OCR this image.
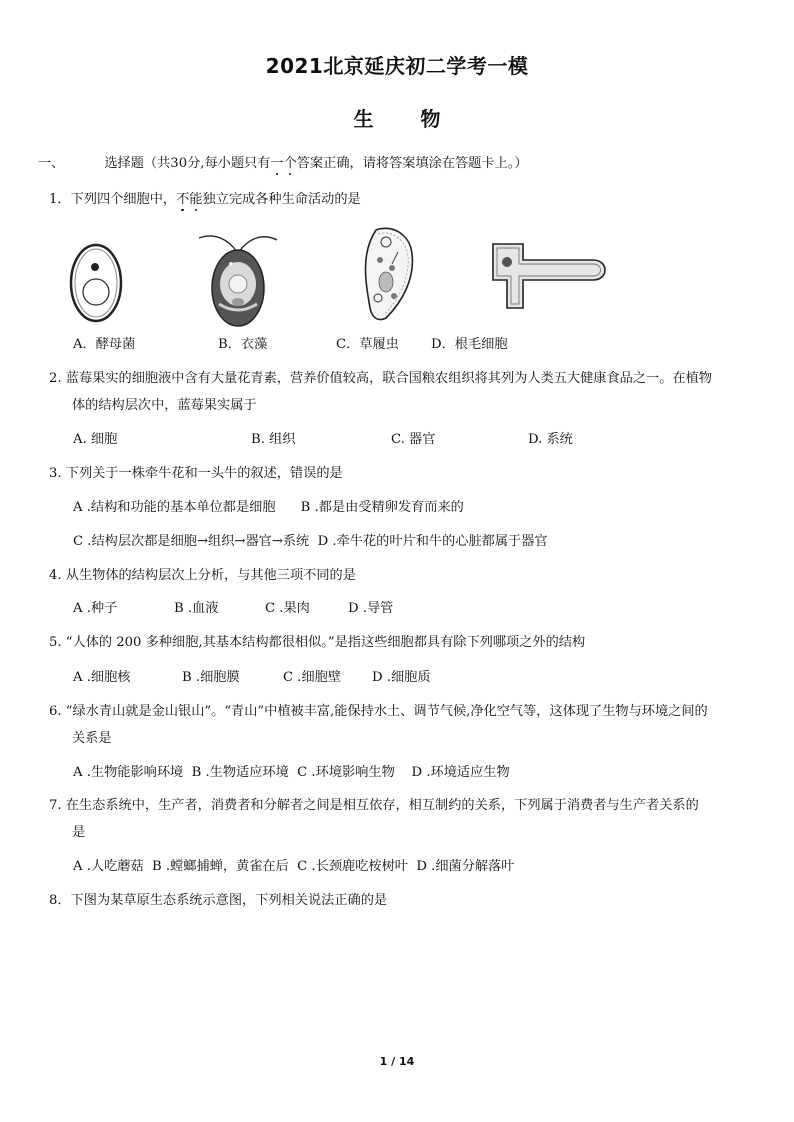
2021北京延庆初二学考一模
生 物
一、	选择题（共30分,每小题只有一个答案正确，请将答案填涂在答题卡上。）
1．下列四个细胞中，不能独立完成各种生命活动的是
A．酵母菌	B．衣藻	C．草履虫 D．根毛细胞
2. 蓝莓果实的细胞液中含有大量花青素，营养价值较高，联合国粮农组织将其列为人类五大健康食品之一。在植物
体的结构层次中，蓝莓果实属于
A. 细胞	B. 组织	C. 器官	D. 系统
3. 下列关于一株牵牛花和一头牛的叙述，错误的是
A .结构和功能的基本单位都是细胞      B .都是由受精卵发育而来的
C .结构层次都是细胞→组织→器官→系统  D .牵牛花的叶片和牛的心脏都属于器官
4. 从生物体的结构层次上分析，与其他三项不同的是
A .种子	B .血液	C .果肉	D .导管
5. “人体的 200 多种细胞,其基本结构都很相似。”是指这些细胞都具有除下列哪项之外的结构
A .细胞核	B .细胞膜	C .细胞壁 D .细胞质
6. “绿水青山就是金山银山”。“青山”中植被丰富,能保持水土、调节气候,净化空气等，这体现了生物与环境之间的
关系是
A .生物能影响环境  B .生物适应环境  C .环境影响生物    D .环境适应生物
7. 在生态系统中，生产者，消费者和分解者之间是相互依存，相互制约的关系，下列属于消费者与生产者关系的
是
A .人吃蘑菇  B .螳螂捕蝉，黄雀在后  C .长颈鹿吃桉树叶  D .细菌分解落叶
8．下图为某草原生态系统示意图，下列相关说法正确的是
1 / 14
